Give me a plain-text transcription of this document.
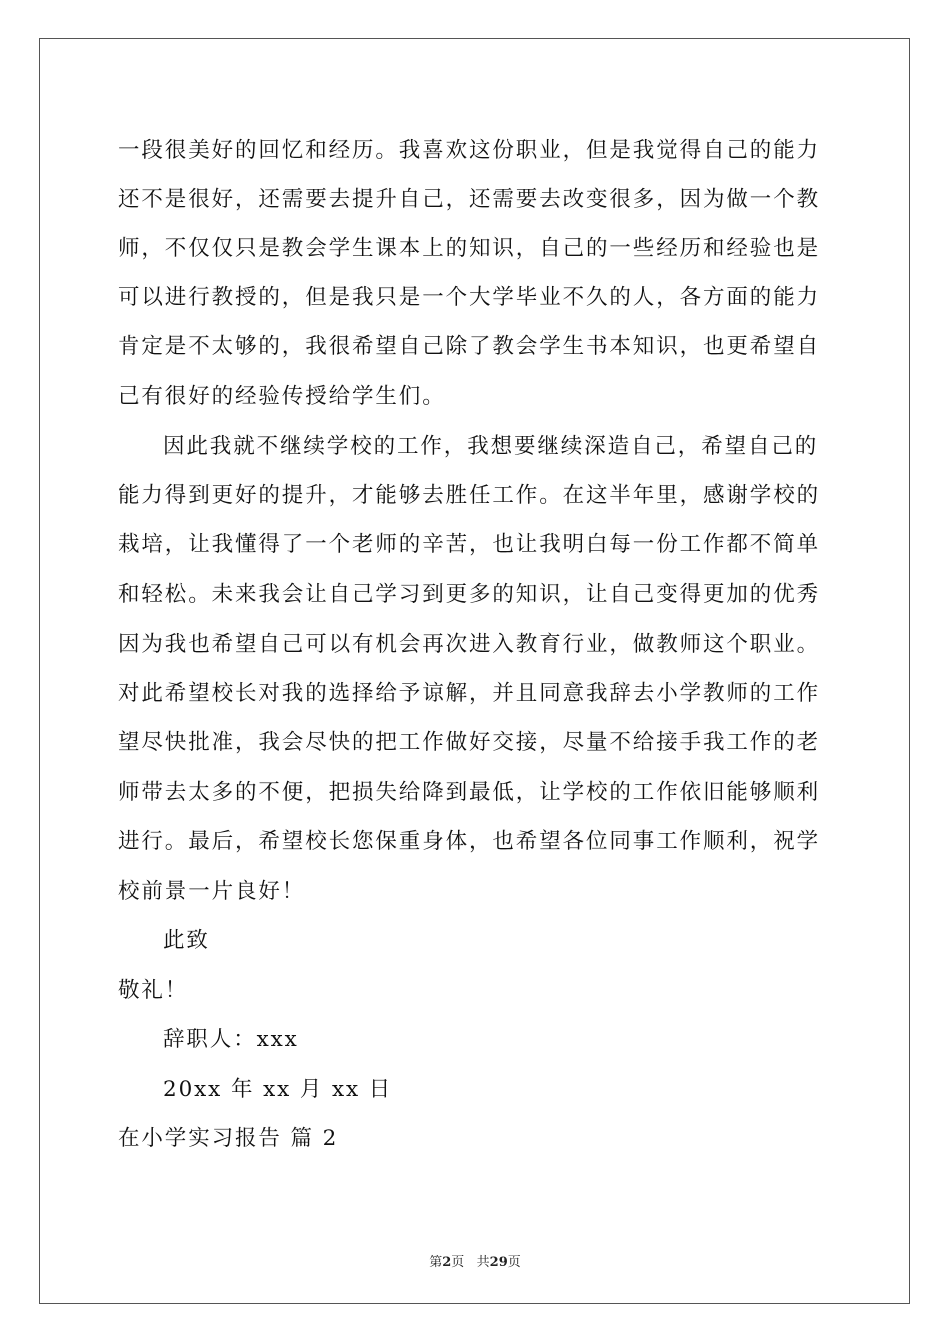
一段很美好的回忆和经历。我喜欢这份职业，但是我觉得自己的能力
还不是很好，还需要去提升自己，还需要去改变很多，因为做一个教
师，不仅仅只是教会学生课本上的知识，自己的一些经历和经验也是
可以进行教授的，但是我只是一个大学毕业不久的人，各方面的能力
肯定是不太够的，我很希望自己除了教会学生书本知识，也更希望自
己有很好的经验传授给学生们。
因此我就不继续学校的工作，我想要继续深造自己，希望自己的
能力得到更好的提升，才能够去胜任工作。在这半年里，感谢学校的
栽培，让我懂得了一个老师的辛苦，也让我明白每一份工作都不简单
和轻松。未来我会让自己学习到更多的知识，让自己变得更加的优秀
因为我也希望自己可以有机会再次进入教育行业，做教师这个职业。
对此希望校长对我的选择给予谅解，并且同意我辞去小学教师的工作
望尽快批准，我会尽快的把工作做好交接，尽量不给接手我工作的老
师带去太多的不便，把损失给降到最低，让学校的工作依旧能够顺利
进行。最后，希望校长您保重身体，也希望各位同事工作顺利，祝学
校前景一片良好！
此致
敬礼！
辞职人：xxx
20xx 年 xx 月 xx 日
在小学实习报告 篇 2
第2页   共29页
